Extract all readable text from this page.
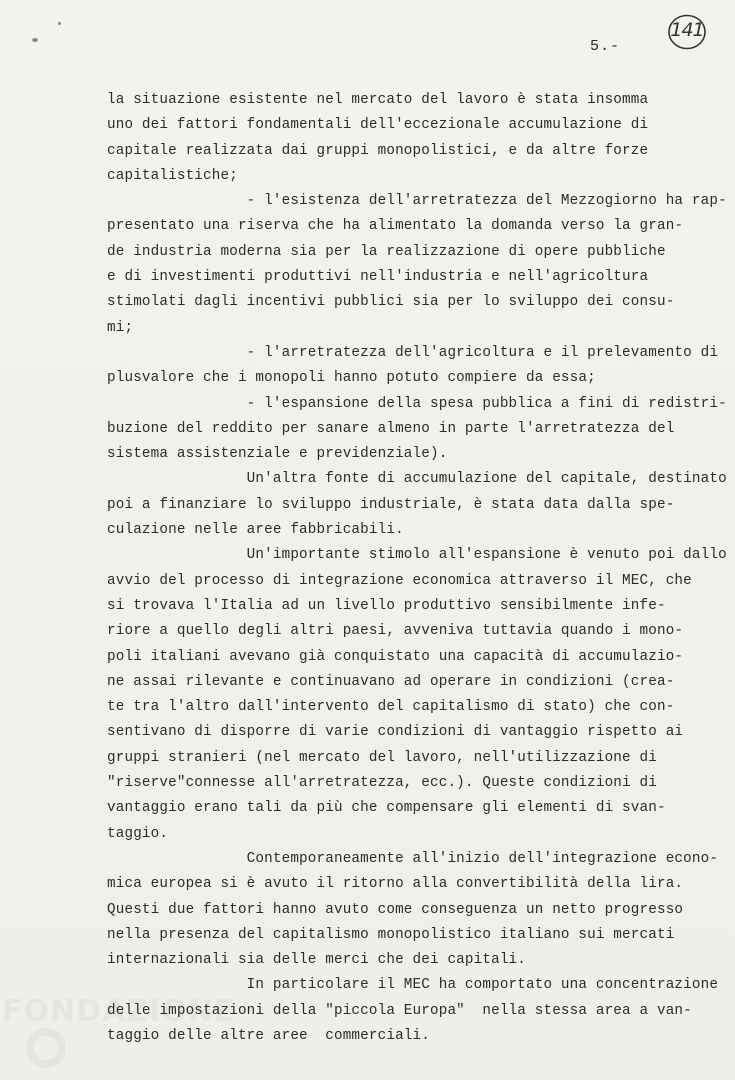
5.-
141
FONDAZIONE
la situazione esistente nel mercato del lavoro è stata insomma
uno dei fattori fondamentali dell'eccezionale accumulazione di
capitale realizzata dai gruppi monopolistici, e da altre forze
capitalistiche;
- l'esistenza dell'arretratezza del Mezzogiorno ha rap-
presentato una riserva che ha alimentato la domanda verso la gran-
de industria moderna sia per la realizzazione di opere pubbliche
e di investimenti produttivi nell'industria e nell'agricoltura
stimolati dagli incentivi pubblici sia per lo sviluppo dei consu-
mi;
- l'arretratezza dell'agricoltura e il prelevamento di
plusvalore che i monopoli hanno potuto compiere da essa;
- l'espansione della spesa pubblica a fini di redistri-
buzione del reddito per sanare almeno in parte l'arretratezza del
sistema assistenziale e previdenziale).
Un'altra fonte di accumulazione del capitale, destinato
poi a finanziare lo sviluppo industriale, è stata data dalla spe-
culazione nelle aree fabbricabili.
Un'importante stimolo all'espansione è venuto poi dallo
avvio del processo di integrazione economica attraverso il MEC, che
si trovava l'Italia ad un livello produttivo sensibilmente infe-
riore a quello degli altri paesi, avveniva tuttavia quando i mono-
poli italiani avevano già conquistato una capacità di accumulazio-
ne assai rilevante e continuavano ad operare in condizioni (crea-
te tra l'altro dall'intervento del capitalismo di stato) che con-
sentivano di disporre di varie condizioni di vantaggio rispetto ai
gruppi stranieri (nel mercato del lavoro, nell'utilizzazione di
"riserve"connesse all'arretratezza, ecc.). Queste condizioni di
vantaggio erano tali da più che compensare gli elementi di svan-
taggio.
Contemporaneamente all'inizio dell'integrazione econo-
mica europea si è avuto il ritorno alla convertibilità della lira.
Questi due fattori hanno avuto come conseguenza un netto progresso
nella presenza del capitalismo monopolistico italiano sui mercati
internazionali sia delle merci che dei capitali.
In particolare il MEC ha comportato una concentrazione
delle impostazioni della "piccola Europa"  nella stessa area a van-
taggio delle altre aree  commerciali.
